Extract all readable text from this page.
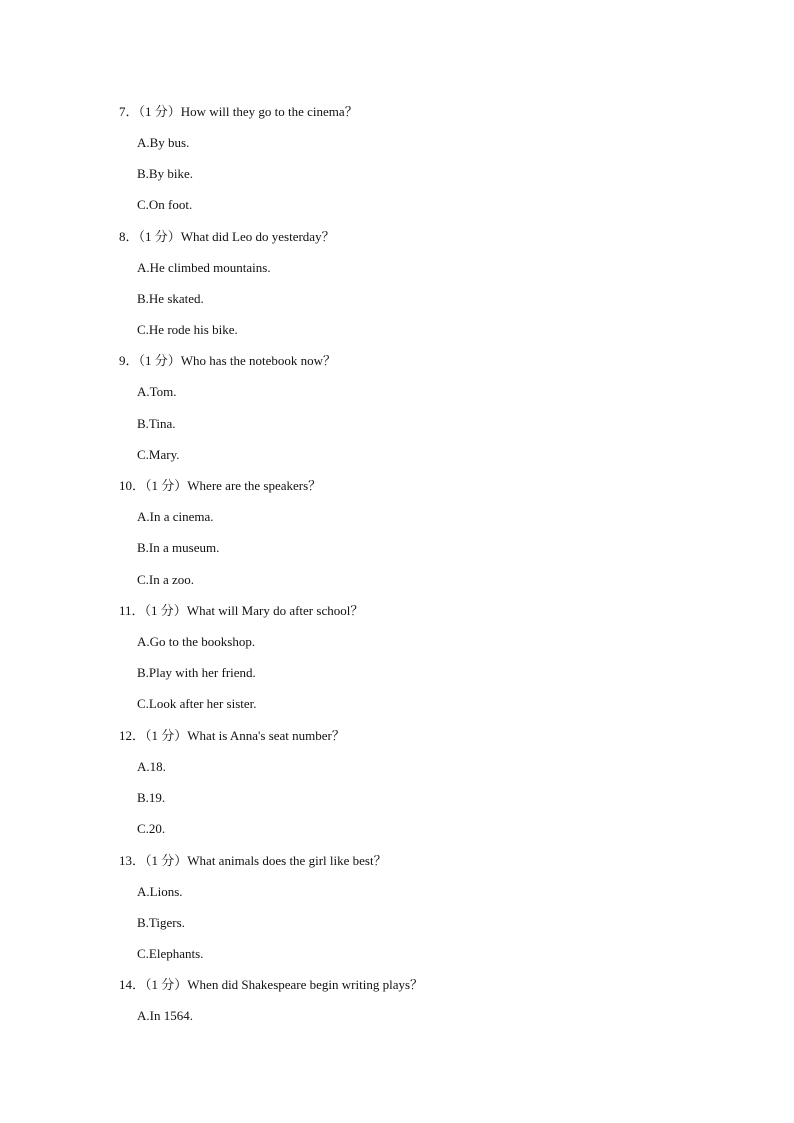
7．（1 分）How will they go to the cinema？
A.By bus.
B.By bike.
C.On foot.
8．（1 分）What did Leo do yesterday？
A.He climbed mountains.
B.He skated.
C.He rode his bike.
9．（1 分）Who has the notebook now？
A.Tom.
B.Tina.
C.Mary.
10．（1 分）Where are the speakers？
A.In a cinema.
B.In a museum.
C.In a zoo.
11．（1 分）What will Mary do after school？
A.Go to the bookshop.
B.Play with her friend.
C.Look after her sister.
12．（1 分）What is Anna's seat number？
A.18.
B.19.
C.20.
13．（1 分）What animals does the girl like best？
A.Lions.
B.Tigers.
C.Elephants.
14．（1 分）When did Shakespeare begin writing plays？
A.In 1564.
